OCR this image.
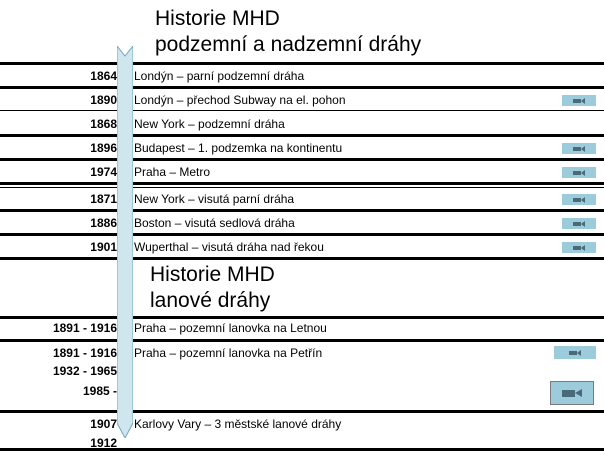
Historie MHD
podzemní a nadzemní dráhy
Historie MHD
lanové dráhy
1864 Londýn – parní podzemní dráha
1890 Londýn – přechod Subway na el. pohon
1868 New York – podzemní dráha
1896 Budapest – 1. podzemka na kontinentu
1974 Praha – Metro
1871 New York – visutá parní dráha
1886 Boston – visutá sedlová dráha
1901 Wuperthal – visutá dráha nad řekou
1891 - 1916 Praha – pozemní lanovka na Letnou
1891 - 1916
1932 - 1965
1985 -
Praha – pozemní lanovka na Petřín
1907
1912
Karlovy Vary – 3 městské lanové dráhy
